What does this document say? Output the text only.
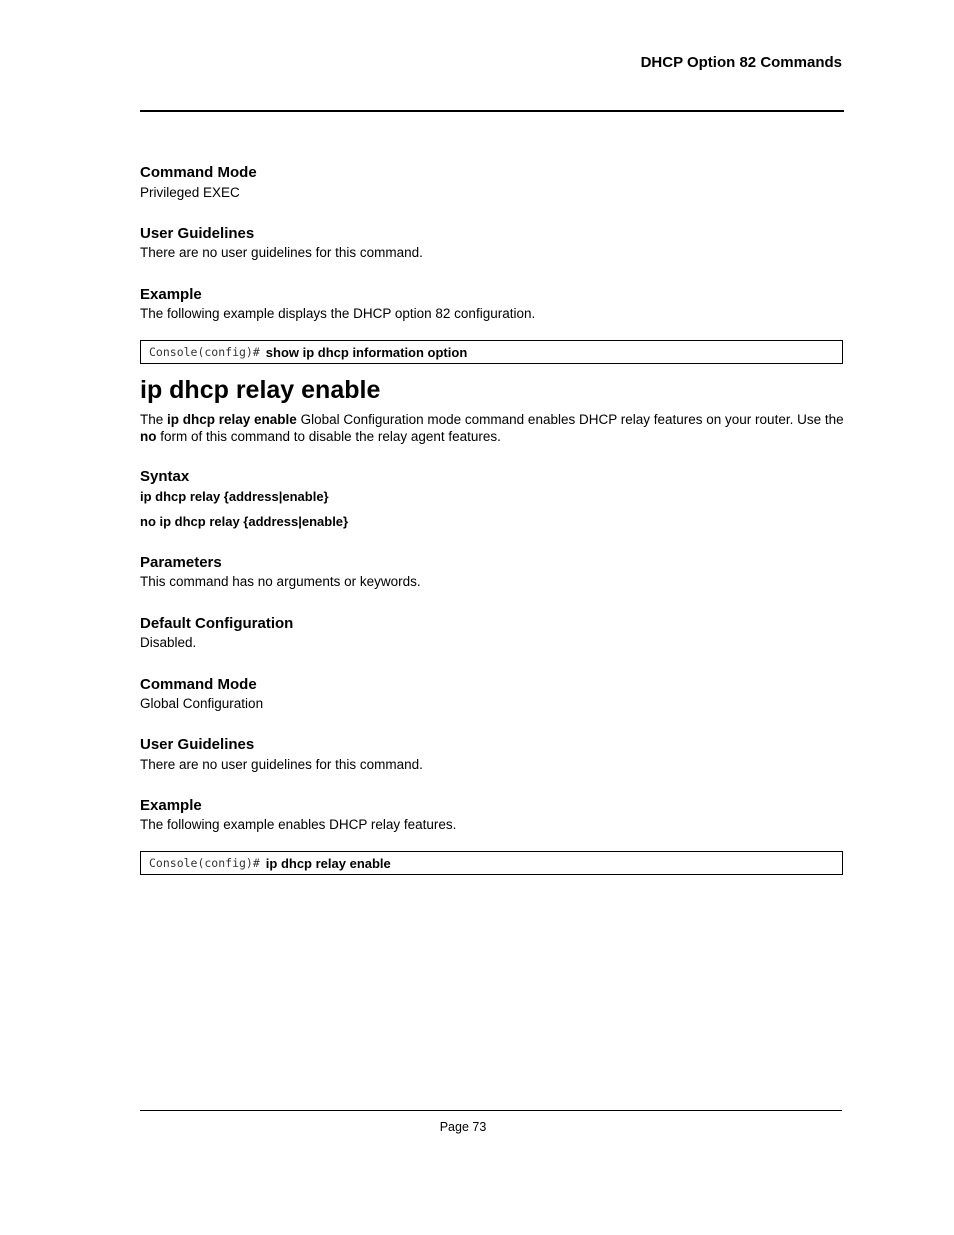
DHCP Option 82 Commands
Command Mode
Privileged EXEC
User Guidelines
There are no user guidelines for this command.
Example
The following example displays the DHCP option 82 configuration.
Console(config)# show ip dhcp information option
ip dhcp relay enable
The ip dhcp relay enable Global Configuration mode command enables DHCP relay features on your router. Use the no form of this command to disable the relay agent features.
Syntax
ip dhcp relay {address|enable}
no ip dhcp relay {address|enable}
Parameters
This command has no arguments or keywords.
Default Configuration
Disabled.
Command Mode
Global Configuration
User Guidelines
There are no user guidelines for this command.
Example
The following example enables DHCP relay features.
Console(config)# ip dhcp relay enable
Page 73
